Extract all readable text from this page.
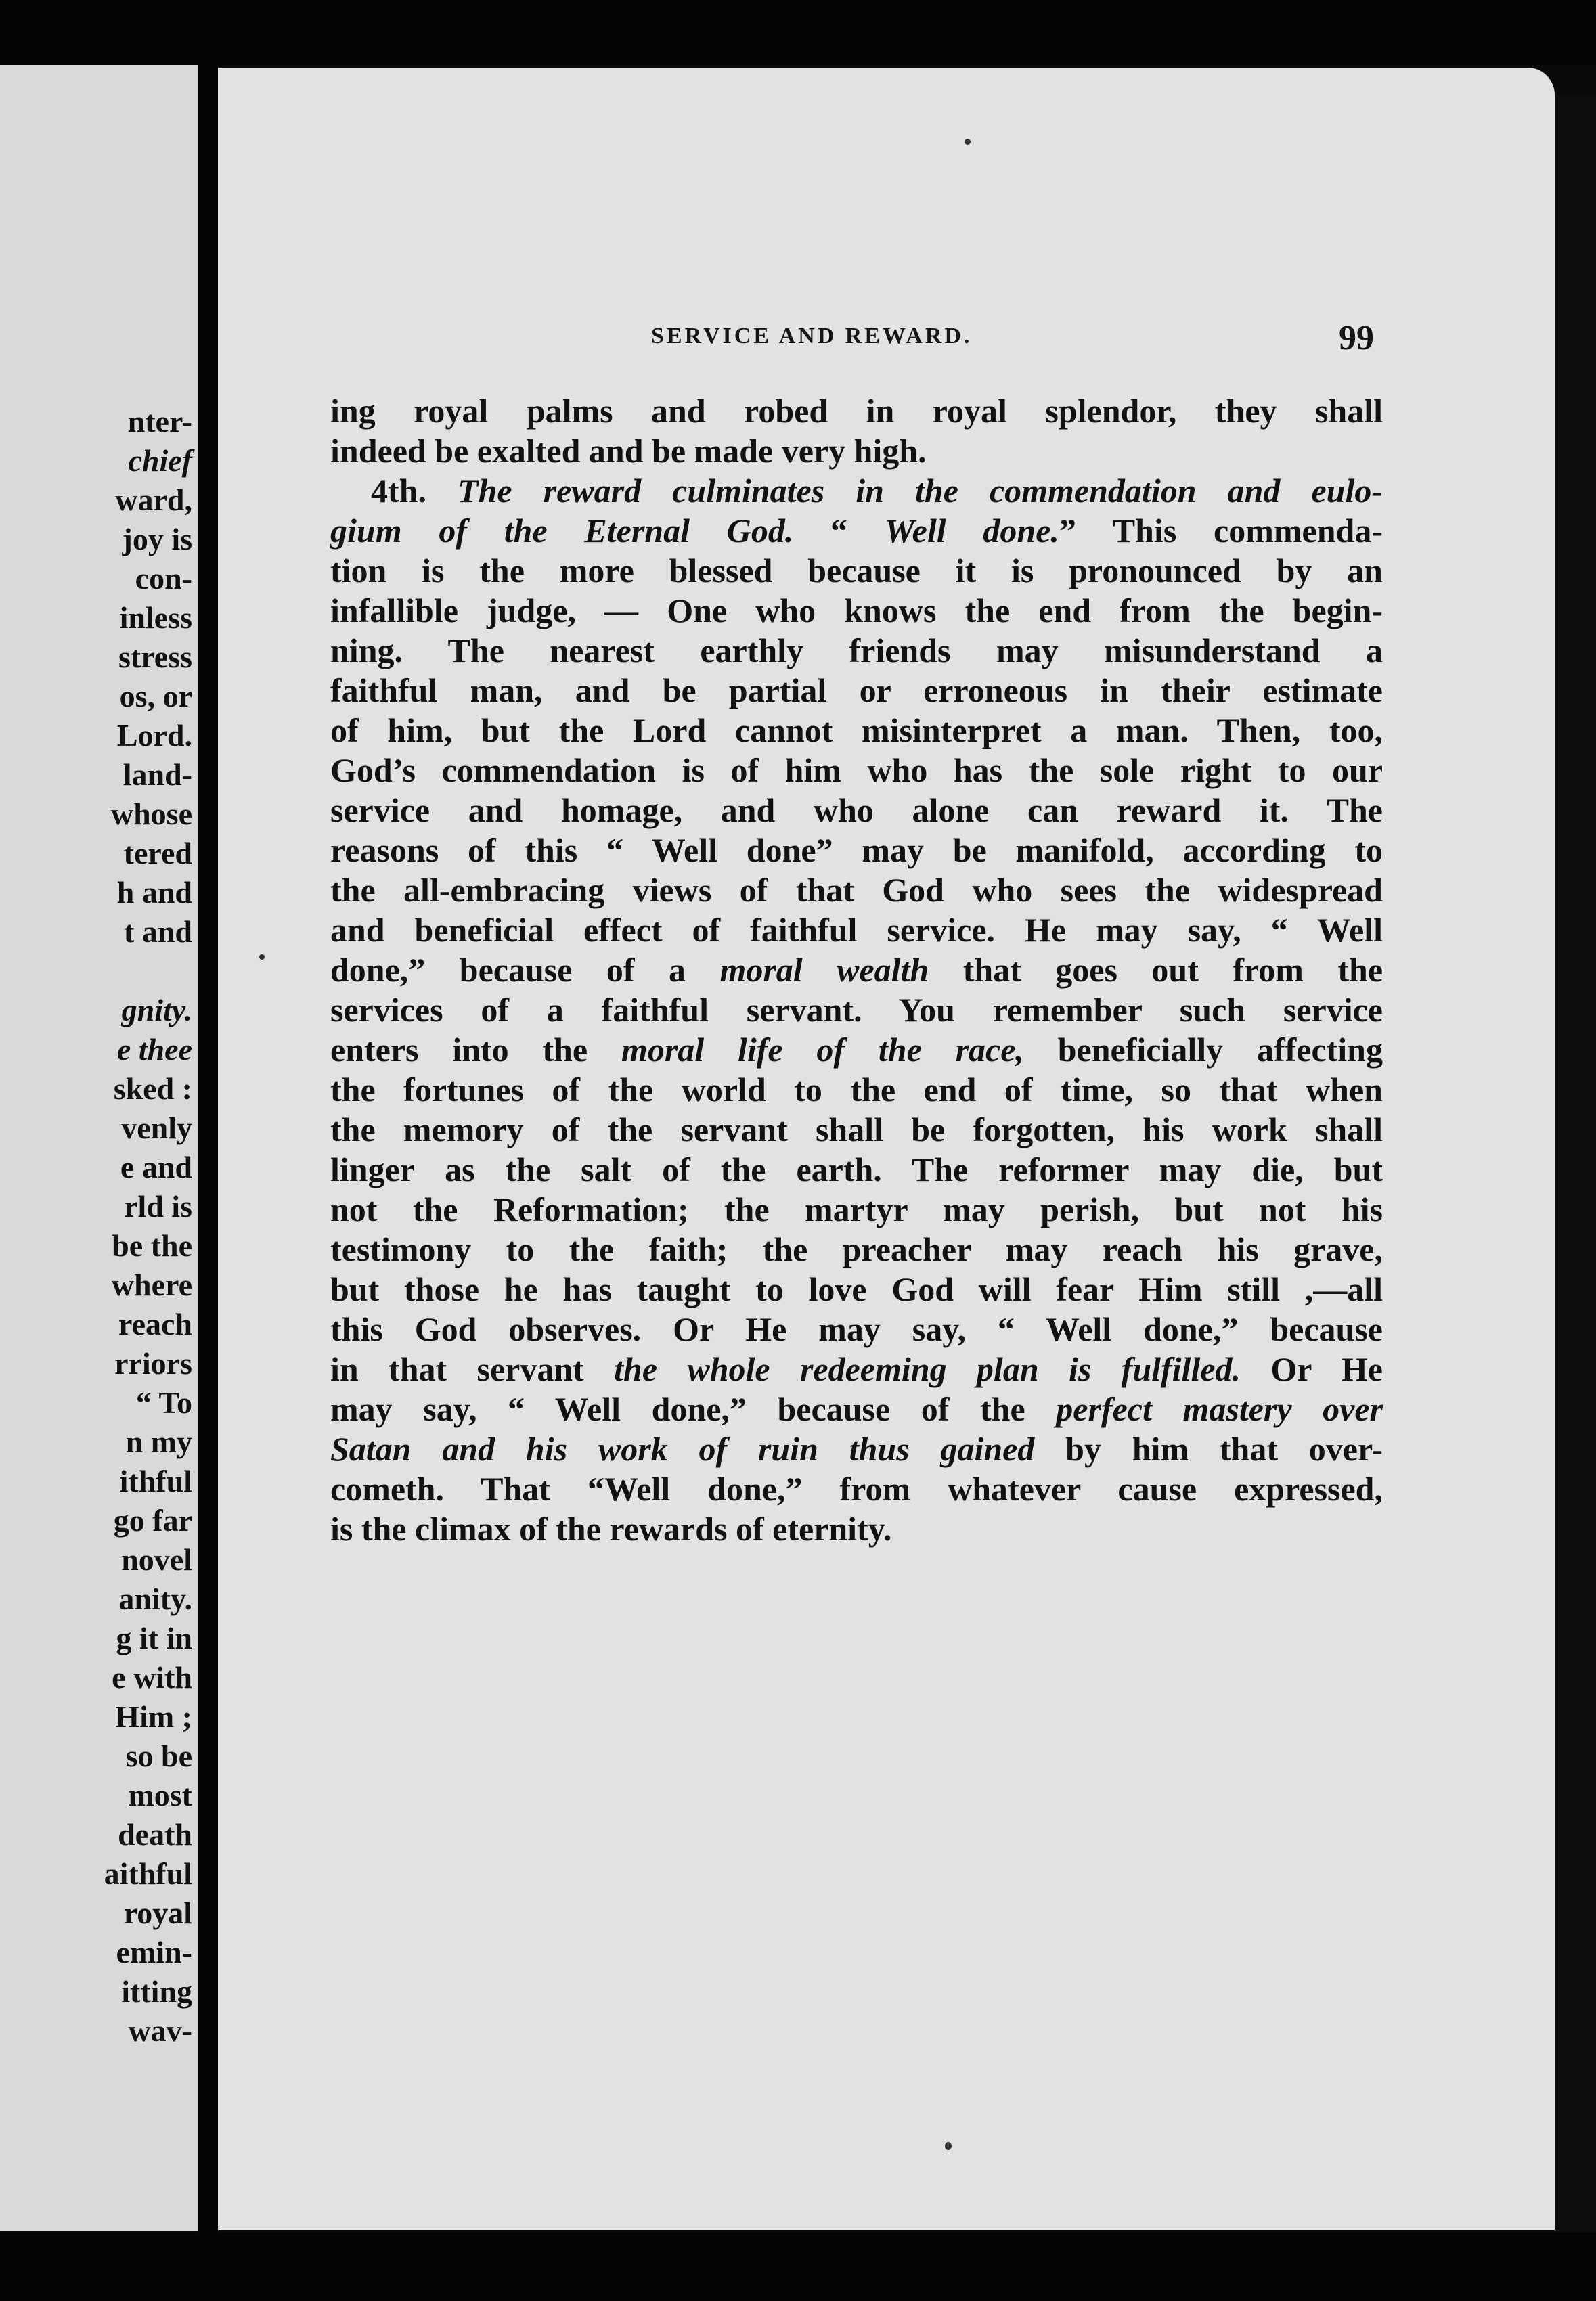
nter-
chief
ward,
joy is
con-
inless
stress
os, or
Lord.
land-
whose
tered
h and
t and

gnity.
e thee
sked :
venly
e and
rld is
be the
where
reach
rriors
“ To
n my
ithful
go far
novel
anity.
g it in
e with
Him ;
so be
most
death
aithful
royal
emin-
itting
wav-
SERVICE AND REWARD.	99
ing royal palms and robed in royal splendor, they shall
indeed be exalted and be made very high.
4th. The reward culminates in the commendation and eulo-
gium of the Eternal God. “ Well done.” This commenda-
tion is the more blessed because it is pronounced by an
infallible judge, — One who knows the end from the begin-
ning. The nearest earthly friends may misunderstand a
faithful man, and be partial or erroneous in their estimate
of him, but the Lord cannot misinterpret a man. Then, too,
God’s commendation is of him who has the sole right to our
service and homage, and who alone can reward it. The
reasons of this “ Well done” may be manifold, according to
the all-embracing views of that God who sees the widespread
and beneficial effect of faithful service. He may say, “ Well
done,” because of a moral wealth that goes out from the
services of a faithful servant. You remember such service
enters into the moral life of the race, beneficially affecting
the fortunes of the world to the end of time, so that when
the memory of the servant shall be forgotten, his work shall
linger as the salt of the earth. The reformer may die, but
not the Reformation; the martyr may perish, but not his
testimony to the faith; the preacher may reach his grave,
but those he has taught to love God will fear Him still ,—all
this God observes. Or He may say, “ Well done,” because
in that servant the whole redeeming plan is fulfilled. Or He
may say, “ Well done,” because of the perfect mastery over
Satan and his work of ruin thus gained by him that over-
cometh. That “Well done,” from whatever cause expressed,
is the climax of the rewards of eternity.
